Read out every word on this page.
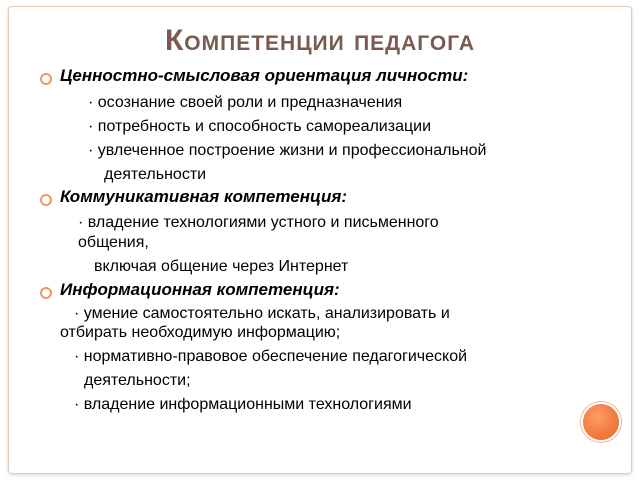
Компетенции педагога
Ценностно-смысловая ориентация личности:
· осознание своей роли и предназначения
· потребность и способность самореализации
· увлеченное построение жизни и профессиональной
деятельности
Коммуникативная компетенция:
· владение технологиями устного и письменного
общения,
включая общение через Интернет
Информационная компетенция:
· умение самостоятельно искать, анализировать и
отбирать необходимую информацию;
· нормативно-правовое обеспечение педагогической
деятельности;
· владение информационными технологиями
